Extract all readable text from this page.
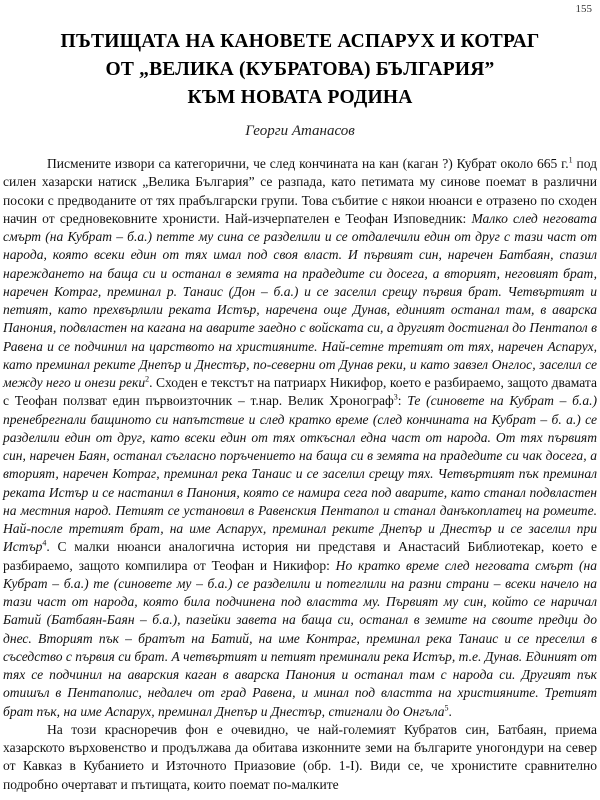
155
ПЪТИЩАТА НА КАНОВЕТЕ АСПАРУХ И КОТРАГ
ОТ „ВЕЛИКА (КУБРАТОВА) БЪЛГАРИЯ”
КЪМ НОВАТА РОДИНА
Георги Атанасов

Писмените извори са категорични, че след кончината на кан (каган ?) Кубрат около 665 г.$^1$ под силен хазарски натиск „Велика България” се разпада, като петимата му синове поемат в различни посоки с предводаните от тях прабългарски групи. Това събитие с някои нюанси е отразено по сходен начин от средновековните хронисти. Най-изчерпателен е Теофан Изповедник: Малко след неговата смърт (на Кубрат – б.а.) петте му сина се разделили и се отдалечили един от друг с тази част от народа, която всеки един от тях имал под своя власт. И първият син, наречен Батбаян, спазил нареждането на бащa си и останал в земята на прадедите си досега, а вторият, неговият брат, наречен Котраг, преминал р. Танаис (Дон – б.а.) и се заселил срещу първия брат. Четвъртият и петият, като прехвърлили реката Истър, наречена още Дунав, единият останал там, в аварска Панония, подвластен на кагана на аварите заедно с войската си, а другият достигнал до Пентапол в Равена и се подчинил на царството на християните. Най-сетне третият от тях, наречен Аспарух, като преминал реките Днепър и Днестър, по-северни от Дунав реки, и като завзел Онглос, заселил се между него и онези реки$^2$. Сходен е текстът на патриарх Никифор, което е разбираемо, защото двамата с Теофан ползват един първоизточник – т.нар. Велик Хронограф$^3$: Те (синовете на Кубрат – б.а.) пренебрегнали бащиното си напътствие и след кратко време (след кончината на Кубрат – б. а.) се разделили един от друг, като всеки един от тях откъснал една част от народа. От тях първият син, наречен Баян, останал съгласно поръчението на баща си в земята на прадедите си чак досега, а вторият, наречен Котраг, преминал река Танаис и се заселил срещу тях. Четвъртият пък преминал реката Истър и се настанил в Панония, която се намира сега под аварите, като станал подвластен на местния народ. Петият се установил в Равенския Пентапол и станал данъкоплатец на ромеите. Най-после третият брат, на име Аспарух, преминал реките Днепър и Днестър и се заселил при Истър$^4$. С малки нюанси аналогична история ни представя и Анастасий Библиотекар, което е разбираемо, защото компилира от Теофан и Никифор: Но кратко време след неговата смърт (на Кубрат – б.а.) те (синовете му – б.а.) се разделили и потеглили на разни страни – всеки начело на тази част от народа, която била подчинена под властта му. Първият му син, който се наричал Батий (Батбаян-Баян – б.а.), пазейки завета на баща си, останал в земите на своите предци до днес. Вторият пък – братът на Батий, на име Контраг, преминал река Танаис и се преселил в съседство с първия си брат. А четвъртият и петият преминали река Истър, т.е. Дунав. Единият от тях се подчинил на аварския каган в аварска Панония и останал там с народа си. Другият пък отишъл в Пентаполис, недалеч от град Равена, и минал под властта на християните. Третият брат пък, на име Аспарух, преминал Днепър и Днестър, стигнали до Онгъла$^5$.

На този красноречив фон е очевидно, че най-големият Кубратов син, Батбаян, приема хазарското върховенство и продължава да обитава изконните земи на българите уногондури на север от Кавказ в Кубанието и Източното Приазовие (обр. 1-I). Види се, че хронистите сравнително подробно очертават и пътищата, които поемат по-малките
